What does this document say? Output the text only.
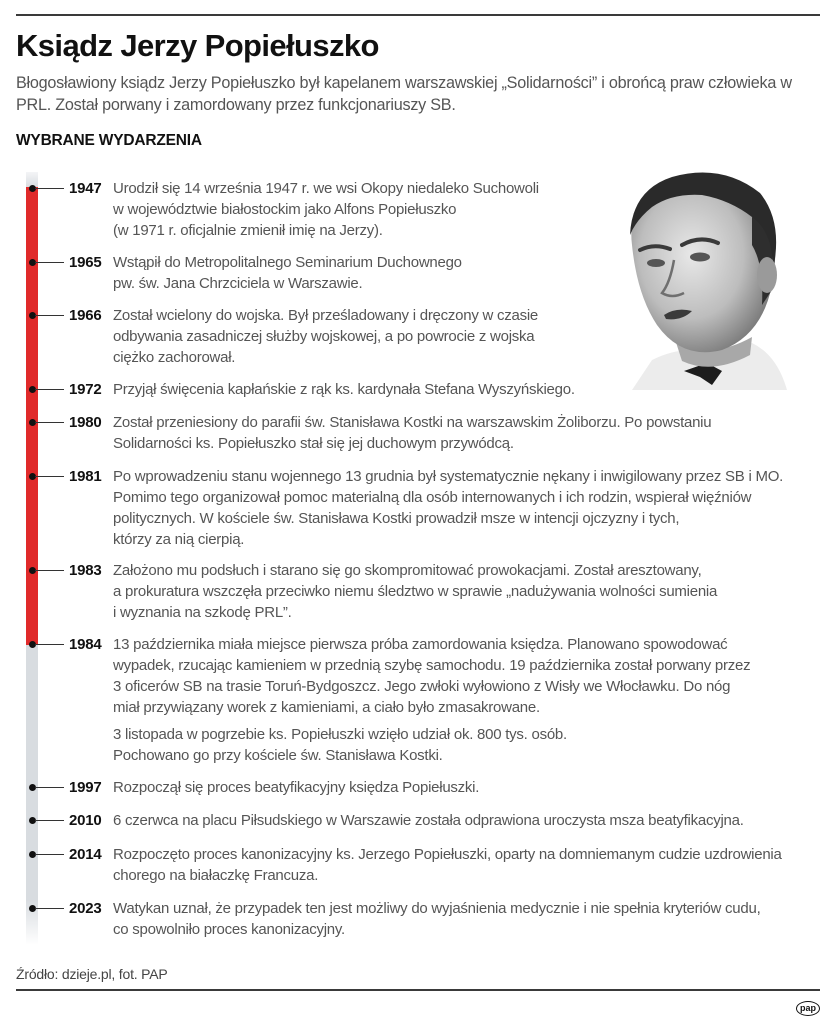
Ksiądz Jerzy Popiełuszko

Błogosławiony ksiądz Jerzy Popiełuszko był kapelanem warszawskiej „Solidarności” i obrońcą praw człowieka w PRL. Został porwany i zamordowany przez funkcjonariuszy SB.

WYBRANE WYDARZENIA
1947 Urodził się 14 września 1947 r. we wsi Okopy niedaleko Suchowoli
w województwie białostockim jako Alfons Popiełuszko
(w 1971 r. oficjalnie zmienił imię na Jerzy).
1965 Wstąpił do Metropolitalnego Seminarium Duchownego
pw. św. Jana Chrzciciela w Warszawie.
1966 Został wcielony do wojska. Był prześladowany i dręczony w czasie
odbywania zasadniczej służby wojskowej, a po powrocie z wojska
ciężko zachorował.
1972 Przyjął święcenia kapłańskie z rąk ks. kardynała Stefana Wyszyńskiego.
1980 Został przeniesiony do parafii św. Stanisława Kostki na warszawskim Żoliborzu. Po powstaniu
Solidarności ks. Popiełuszko stał się jej duchowym przywódcą.
1981 Po wprowadzeniu stanu wojennego 13 grudnia był systematycznie nękany i inwigilowany przez SB i MO.
Pomimo tego organizował pomoc materialną dla osób internowanych i ich rodzin, wspierał więźniów
politycznych. W kościele św. Stanisława Kostki prowadził msze w intencji ojczyzny i tych,
którzy za nią cierpią.
1983 Założono mu podsłuch i starano się go skompromitować prowokacjami. Został aresztowany,
a prokuratura wszczęła przeciwko niemu śledztwo w sprawie „nadużywania wolności sumienia
i wyznania na szkodę PRL”.
1984 13 października miała miejsce pierwsza próba zamordowania księdza. Planowano spowodować
wypadek, rzucając kamieniem w przednią szybę samochodu. 19 października został porwany przez
3 oficerów SB na trasie Toruń-Bydgoszcz. Jego zwłoki wyłowiono z Wisły we Włocławku. Do nóg
miał przywiązany worek z kamieniami, a ciało było zmasakrowane.
3 listopada w pogrzebie ks. Popiełuszki wzięło udział ok. 800 tys. osób.
Pochowano go przy kościele św. Stanisława Kostki.
1997 Rozpoczął się proces beatyfikacyjny księdza Popiełuszki.
2010 6 czerwca na placu Piłsudskiego w Warszawie została odprawiona uroczysta msza beatyfikacyjna.
2014 Rozpoczęto proces kanonizacyjny ks. Jerzego Popiełuszki, oparty na domniemanym cudzie uzdrowienia
chorego na białaczkę Francuza.
2023 Watykan uznał, że przypadek ten jest możliwy do wyjaśnienia medycznie i nie spełnia kryteriów cudu,
co spowolniło proces kanonizacyjny.
Źródło: dzieje.pl, fot. PAP
pap
